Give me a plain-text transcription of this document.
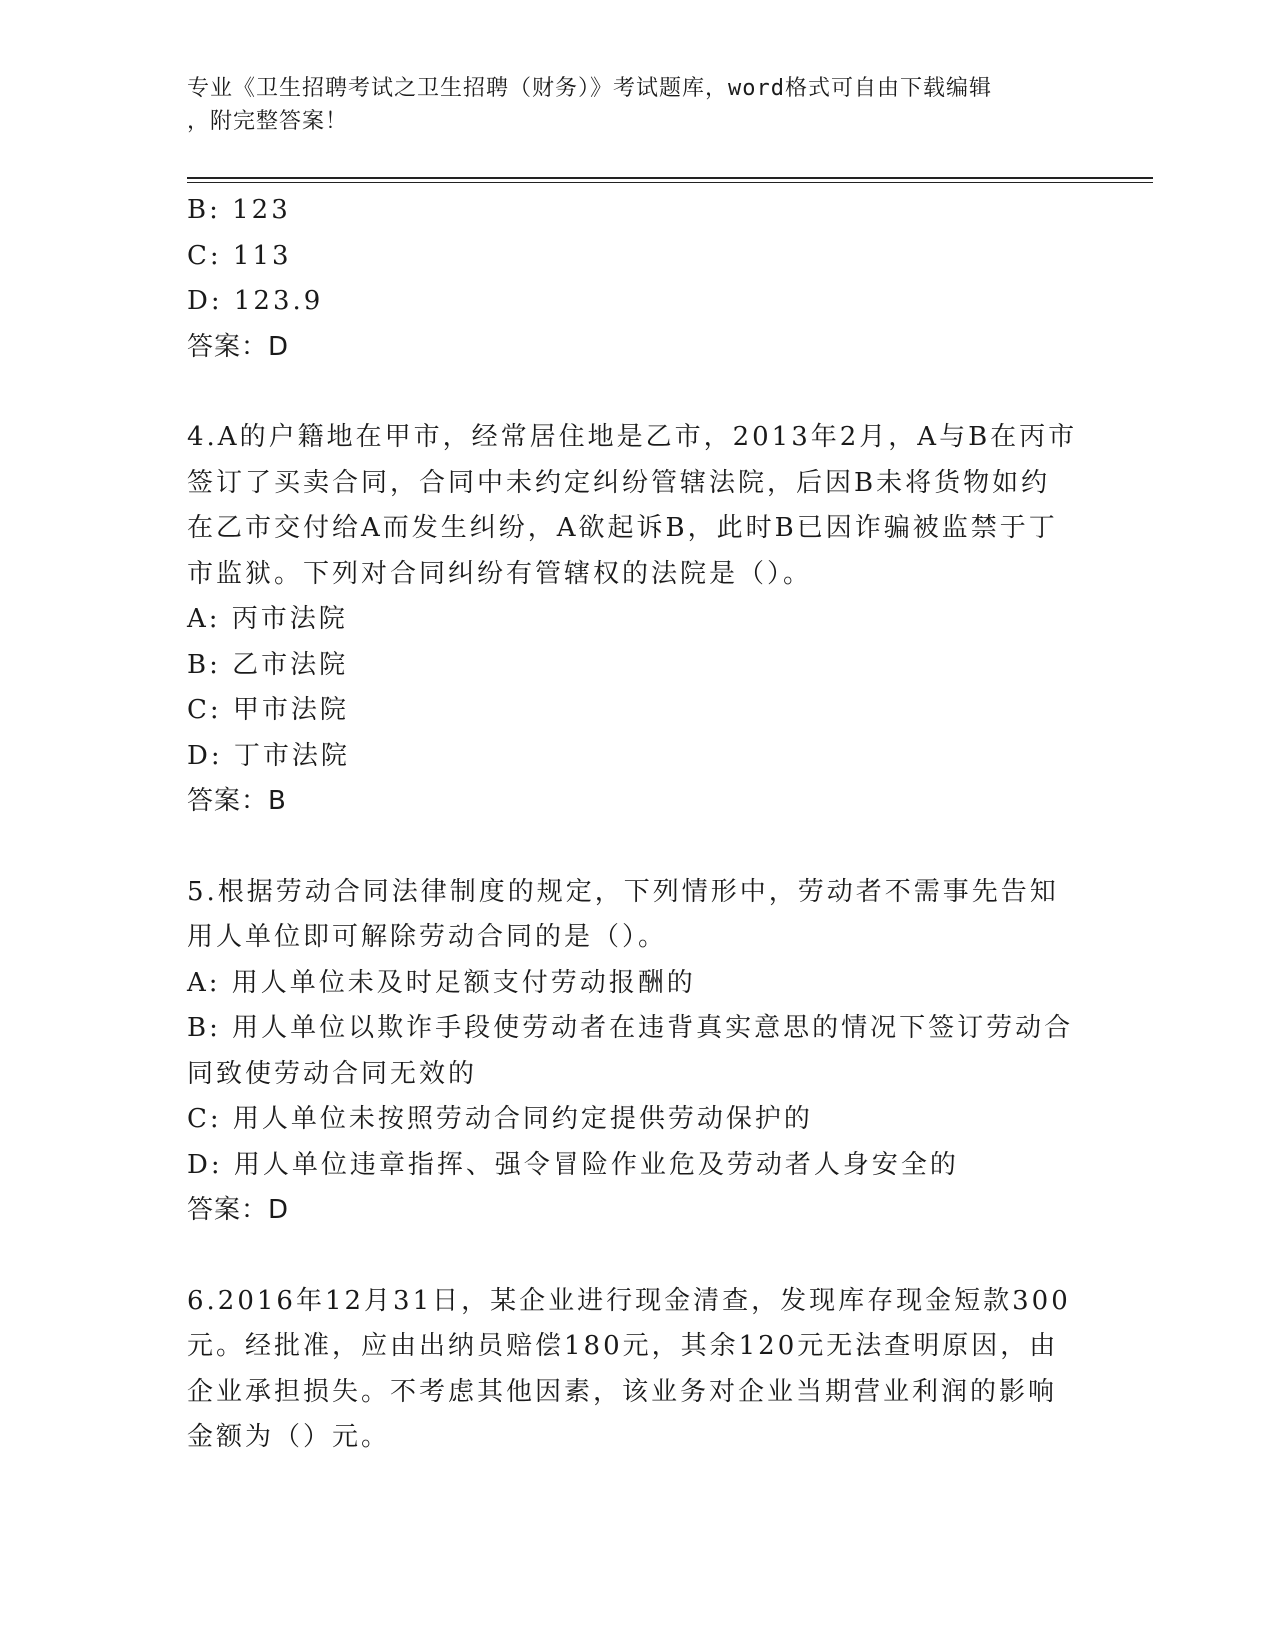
专业《卫生招聘考试之卫生招聘（财务）》考试题库，word格式可自由下载编辑
，附完整答案！

B: 123

C: 113

D: 123.9

答案：D

4.A的户籍地在甲市，经常居住地是乙市，2013年2月，A与B在丙市

签订了买卖合同，合同中未约定纠纷管辖法院，后因B未将货物如约

在乙市交付给A而发生纠纷，A欲起诉B，此时B已因诈骗被监禁于丁

市监狱。下列对合同纠纷有管辖权的法院是（）。

A: 丙市法院

B: 乙市法院

C: 甲市法院

D: 丁市法院

答案：B

5.根据劳动合同法律制度的规定，下列情形中，劳动者不需事先告知

用人单位即可解除劳动合同的是（）。

A: 用人单位未及时足额支付劳动报酬的

B: 用人单位以欺诈手段使劳动者在违背真实意思的情况下签订劳动合

同致使劳动合同无效的

C: 用人单位未按照劳动合同约定提供劳动保护的

D: 用人单位违章指挥、强令冒险作业危及劳动者人身安全的

答案：D

6.2016年12月31日，某企业进行现金清查，发现库存现金短款300

元。经批准，应由出纳员赔偿180元，其余120元无法查明原因，由

企业承担损失。不考虑其他因素，该业务对企业当期营业利润的影响

金额为（）元。
